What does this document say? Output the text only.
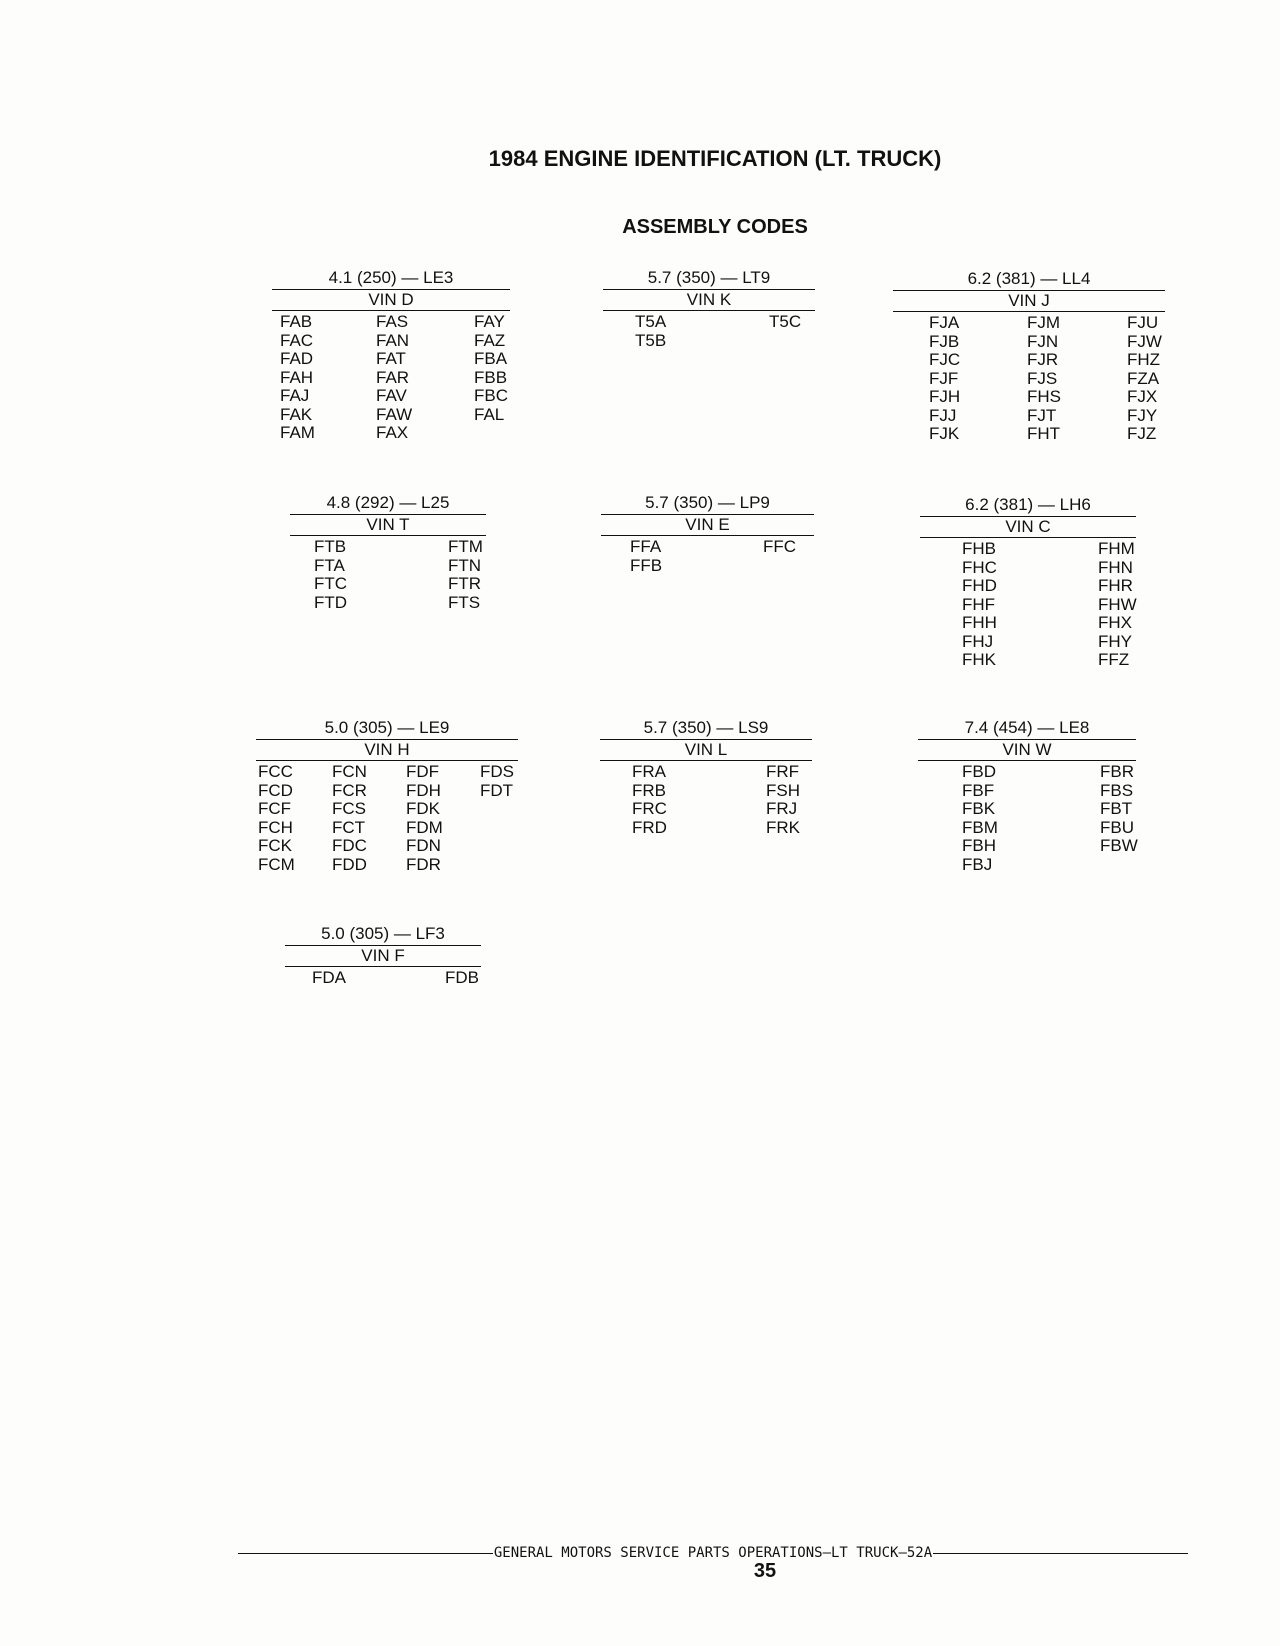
1984 ENGINE IDENTIFICATION (LT. TRUCK)
ASSEMBLY CODES
4.1 (250) — LE3
VIN D
FAB
FAC
FAD
FAH
FAJ
FAK
FAM
FAS
FAN
FAT
FAR
FAV
FAW
FAX
FAY
FAZ
FBA
FBB
FBC
FAL
5.7 (350) — LT9
VIN K
T5A
T5B
T5C
6.2 (381) — LL4
VIN J
FJA
FJB
FJC
FJF
FJH
FJJ
FJK
FJM
FJN
FJR
FJS
FHS
FJT
FHT
FJU
FJW
FHZ
FZA
FJX
FJY
FJZ
4.8 (292) — L25
VIN T
FTB
FTA
FTC
FTD
FTM
FTN
FTR
FTS
5.7 (350) — LP9
VIN E
FFA
FFB
FFC
6.2 (381) — LH6
VIN C
FHB
FHC
FHD
FHF
FHH
FHJ
FHK
FHM
FHN
FHR
FHW
FHX
FHY
FFZ
5.0 (305) — LE9
VIN H
FCC
FCD
FCF
FCH
FCK
FCM
FCN
FCR
FCS
FCT
FDC
FDD
FDF
FDH
FDK
FDM
FDN
FDR
FDS
FDT
5.7 (350) — LS9
VIN L
FRA
FRB
FRC
FRD
FRF
FSH
FRJ
FRK
7.4 (454) — LE8
VIN W
FBD
FBF
FBK
FBM
FBH
FBJ
FBR
FBS
FBT
FBU
FBW
5.0 (305) — LF3
VIN F
FDA	FDB
GENERAL MOTORS SERVICE PARTS OPERATIONS—LT TRUCK—52A
35
